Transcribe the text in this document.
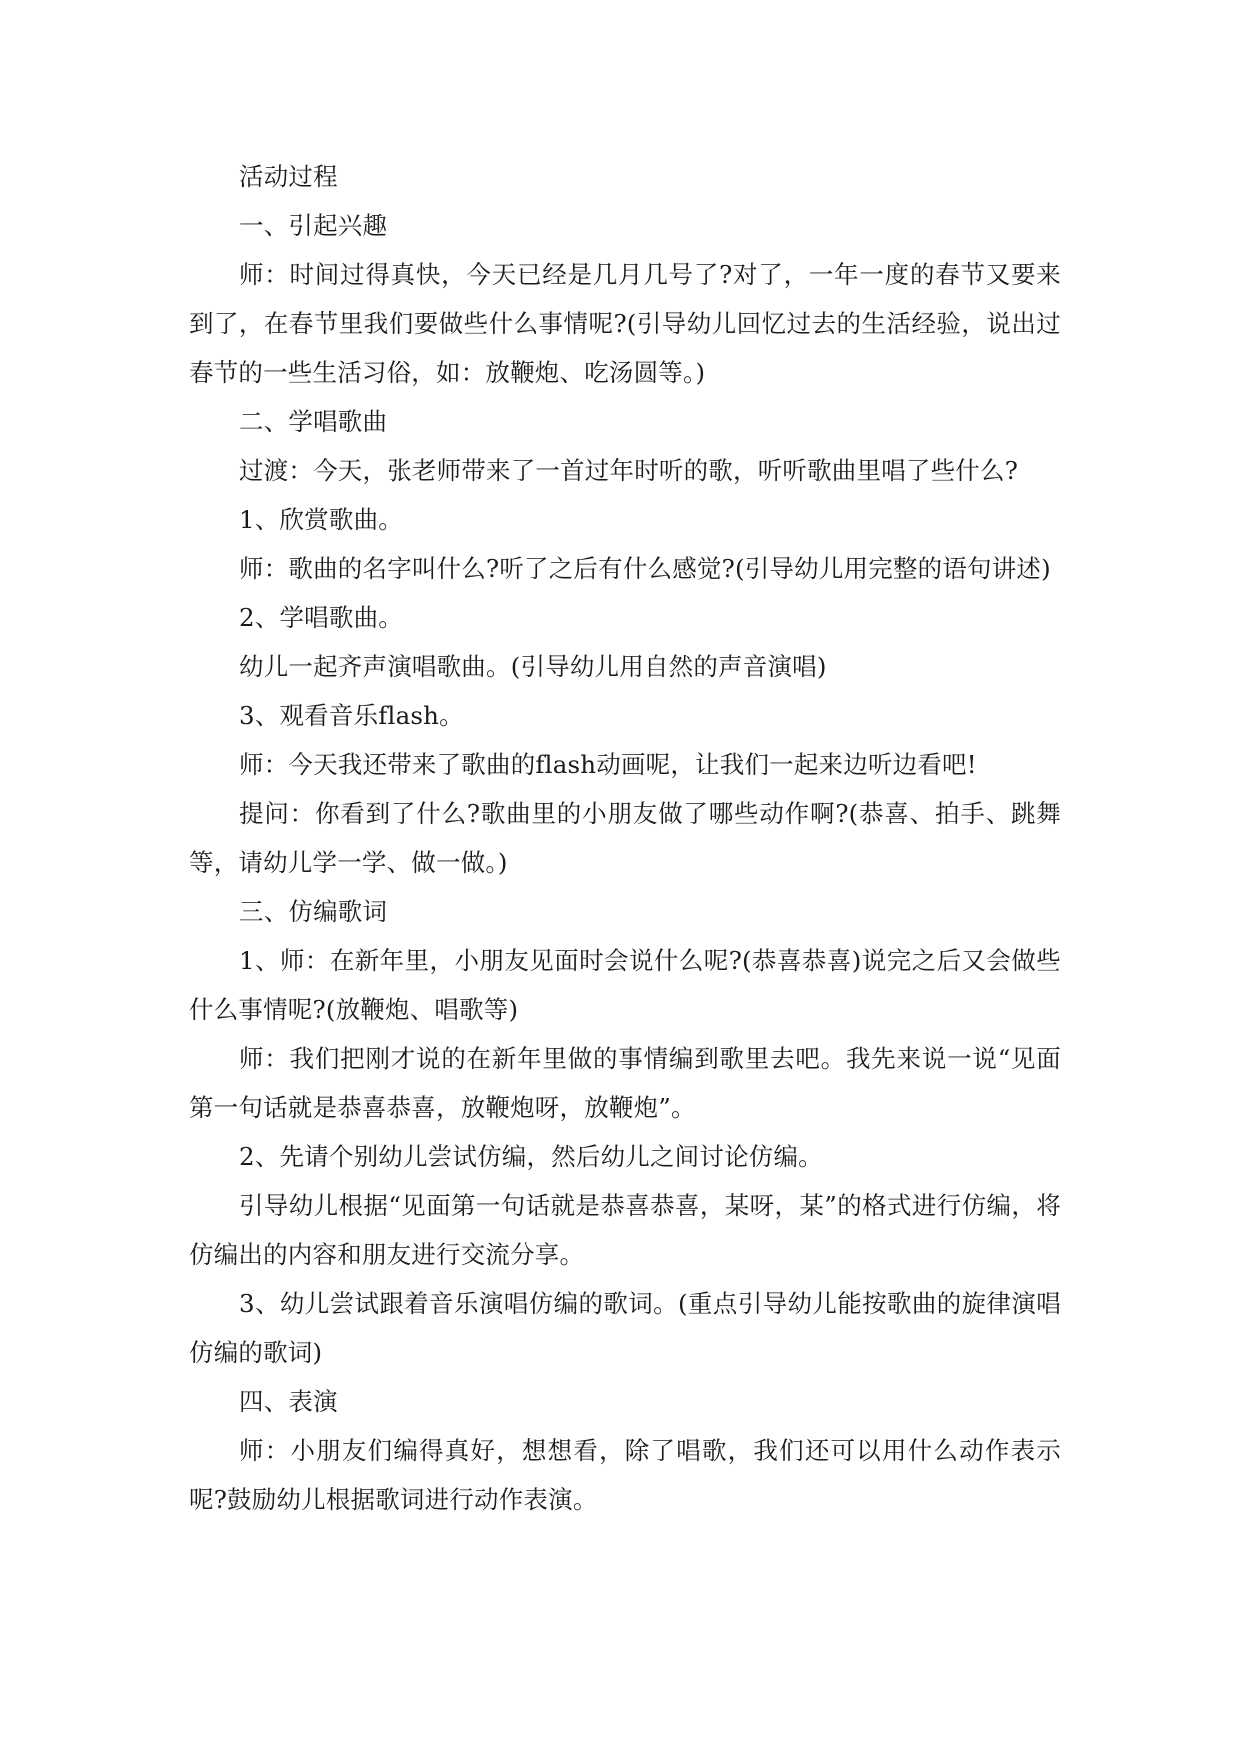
活动过程

一、引起兴趣

师：时间过得真快，今天已经是几月几号了?对了，一年一度的春节又要来到了，在春节里我们要做些什么事情呢?(引导幼儿回忆过去的生活经验，说出过春节的一些生活习俗，如：放鞭炮、吃汤圆等。)

二、学唱歌曲

过渡：今天，张老师带来了一首过年时听的歌，听听歌曲里唱了些什么?

1、欣赏歌曲。

师：歌曲的名字叫什么?听了之后有什么感觉?(引导幼儿用完整的语句讲述)

2、学唱歌曲。

幼儿一起齐声演唱歌曲。(引导幼儿用自然的声音演唱)

3、观看音乐flash。

师：今天我还带来了歌曲的flash动画呢，让我们一起来边听边看吧!

提问：你看到了什么?歌曲里的小朋友做了哪些动作啊?(恭喜、拍手、跳舞等，请幼儿学一学、做一做。)

三、仿编歌词

1、师：在新年里，小朋友见面时会说什么呢?(恭喜恭喜)说完之后又会做些什么事情呢?(放鞭炮、唱歌等)

师：我们把刚才说的在新年里做的事情编到歌里去吧。我先来说一说“见面第一句话就是恭喜恭喜，放鞭炮呀，放鞭炮”。

2、先请个别幼儿尝试仿编，然后幼儿之间讨论仿编。

引导幼儿根据“见面第一句话就是恭喜恭喜，某呀，某”的格式进行仿编，将仿编出的内容和朋友进行交流分享。

3、幼儿尝试跟着音乐演唱仿编的歌词。(重点引导幼儿能按歌曲的旋律演唱仿编的歌词)

四、表演

师：小朋友们编得真好，想想看，除了唱歌，我们还可以用什么动作表示呢?鼓励幼儿根据歌词进行动作表演。
